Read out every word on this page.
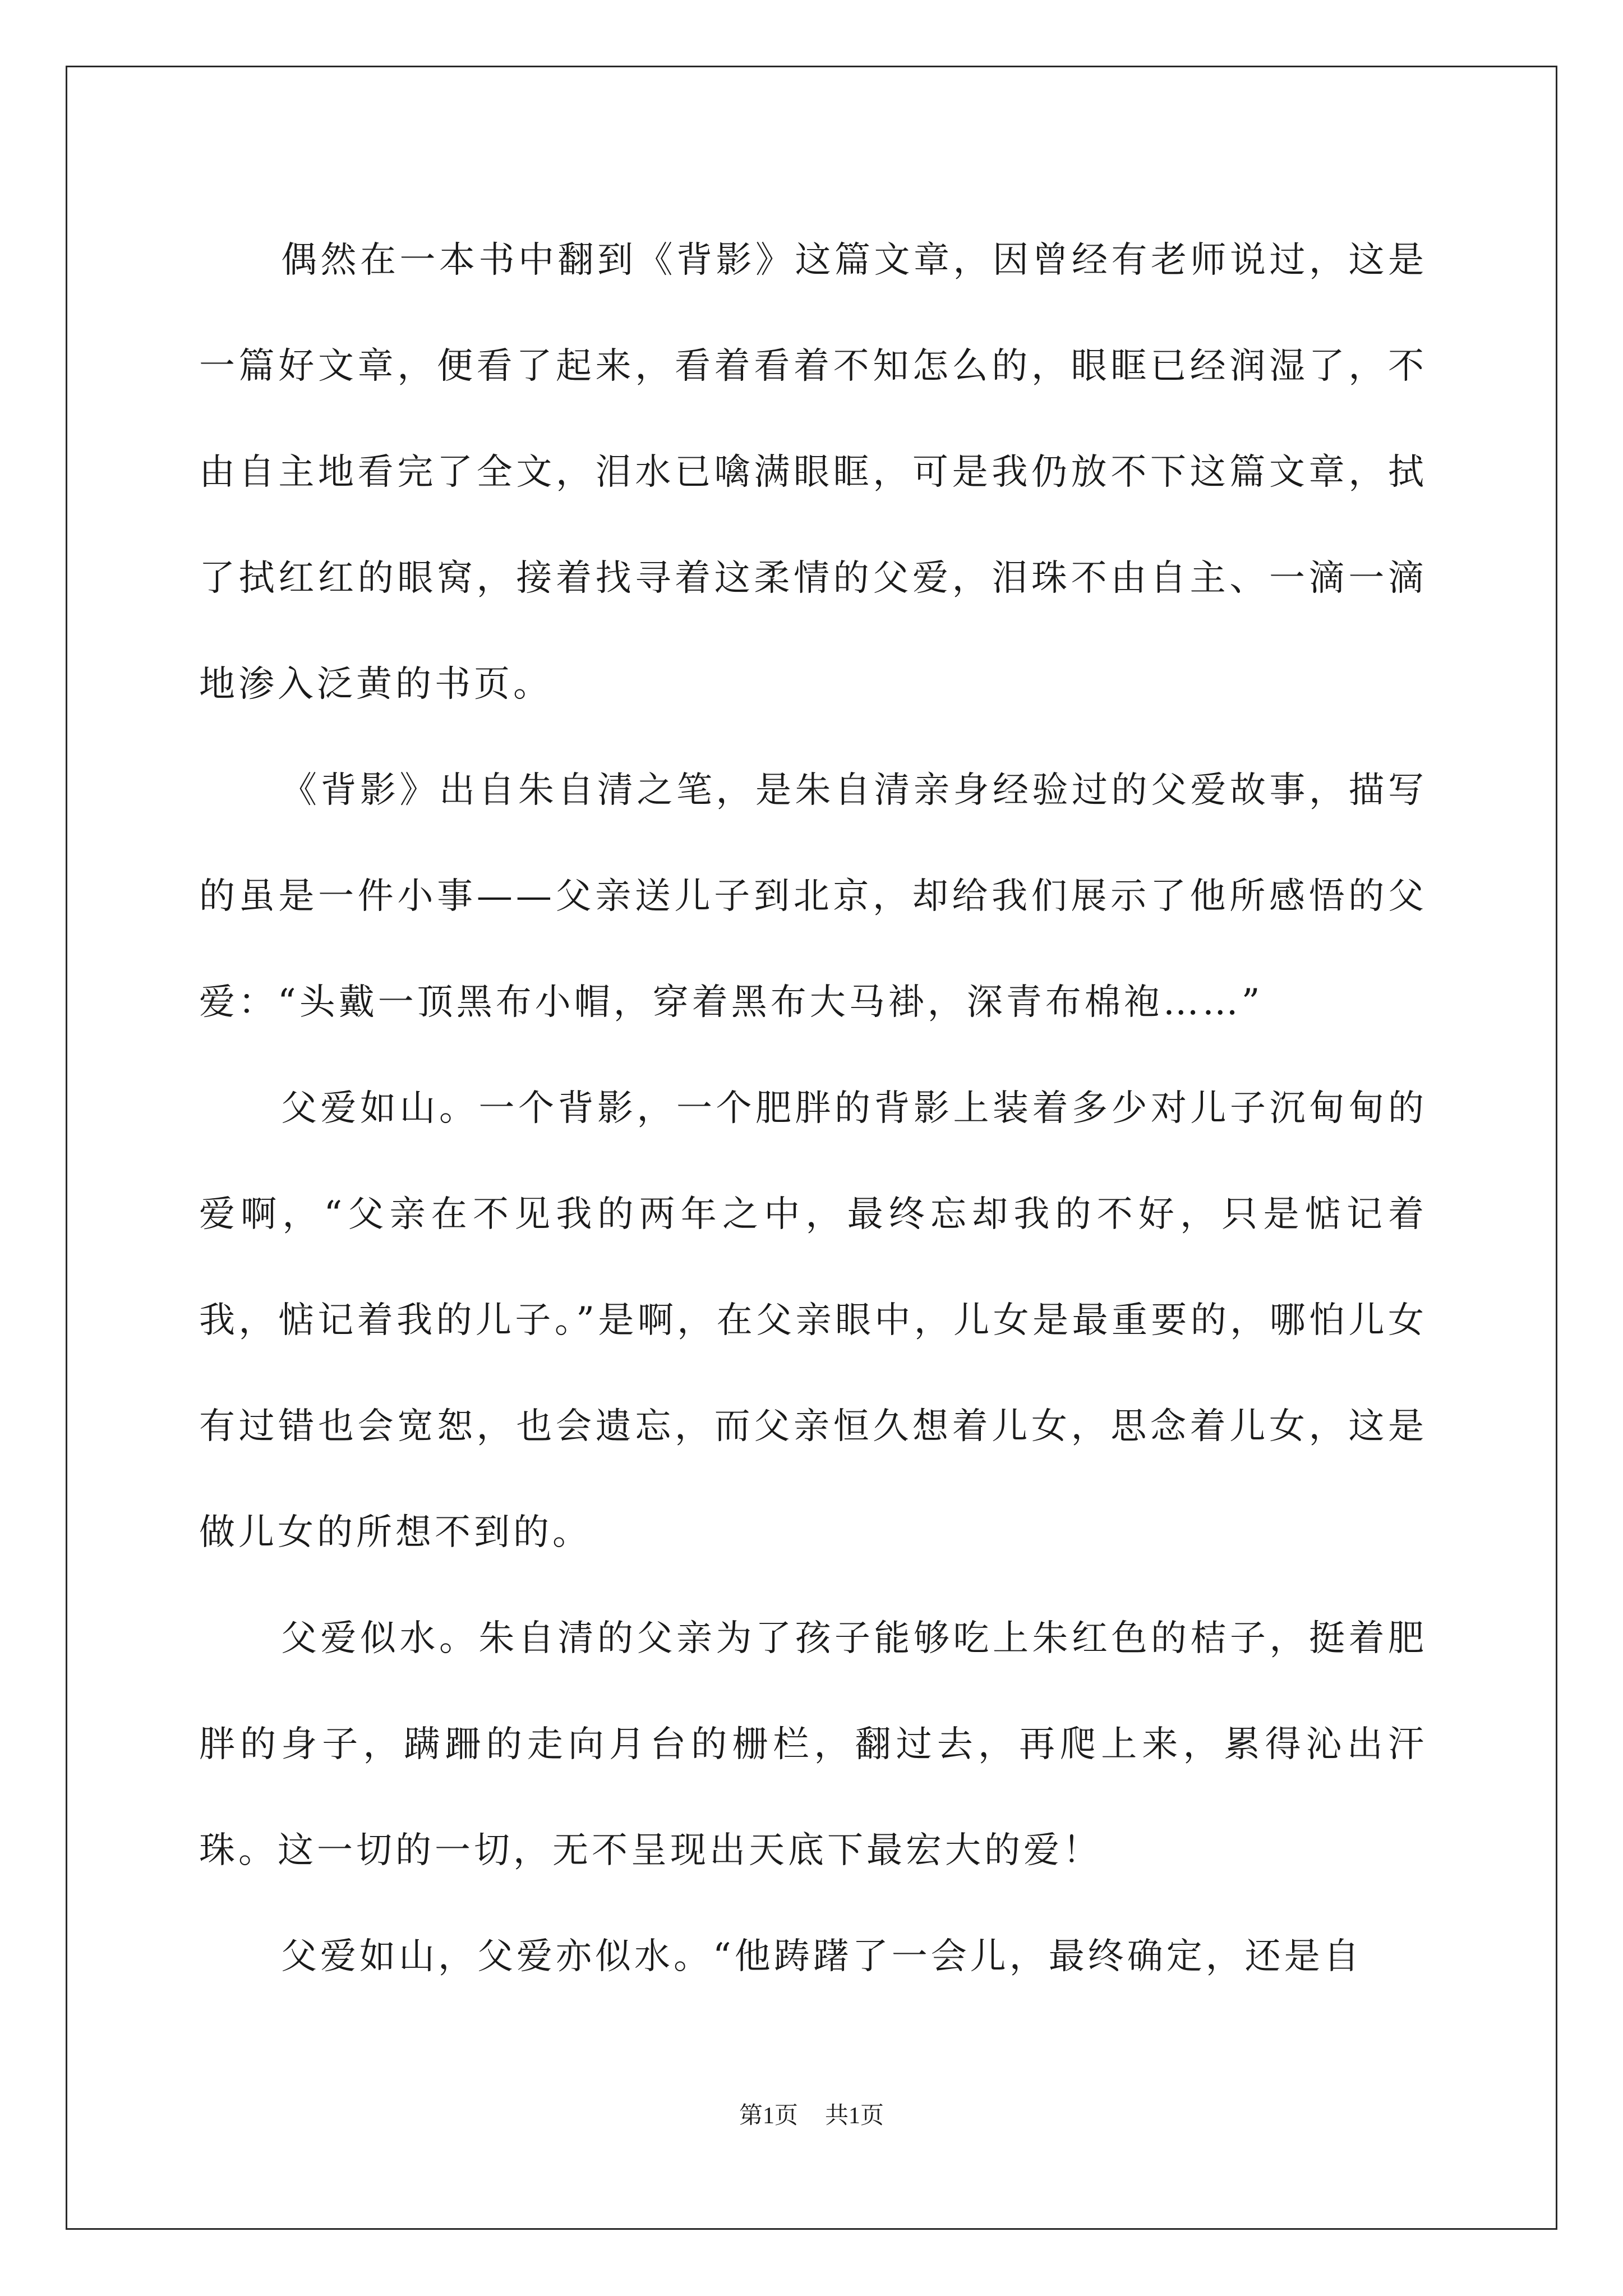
偶然在一本书中翻到《背影》这篇文章，因曾经有老师说过，这是一篇好文章，便看了起来，看着看着不知怎么的，眼眶已经润湿了，不由自主地看完了全文，泪水已噙满眼眶，可是我仍放不下这篇文章，拭了拭红红的眼窝，接着找寻着这柔情的父爱，泪珠不由自主、一滴一滴地渗入泛黄的书页。

《背影》出自朱自清之笔，是朱自清亲身经验过的父爱故事，描写的虽是一件小事——父亲送儿子到北京，却给我们展示了他所感悟的父爱：“头戴一顶黑布小帽，穿着黑布大马褂，深青布棉袍……”

父爱如山。一个背影，一个肥胖的背影上装着多少对儿子沉甸甸的爱啊，“父亲在不见我的两年之中，最终忘却我的不好，只是惦记着我，惦记着我的儿子。”是啊，在父亲眼中，儿女是最重要的，哪怕儿女有过错也会宽恕，也会遗忘，而父亲恒久想着儿女，思念着儿女，这是做儿女的所想不到的。

父爱似水。朱自清的父亲为了孩子能够吃上朱红色的桔子，挺着肥胖的身子，蹒跚的走向月台的栅栏，翻过去，再爬上来，累得沁出汗珠。这一切的一切，无不呈现出天底下最宏大的爱！

父爱如山，父爱亦似水。“他踌躇了一会儿，最终确定，还是自

第1页 共1页
